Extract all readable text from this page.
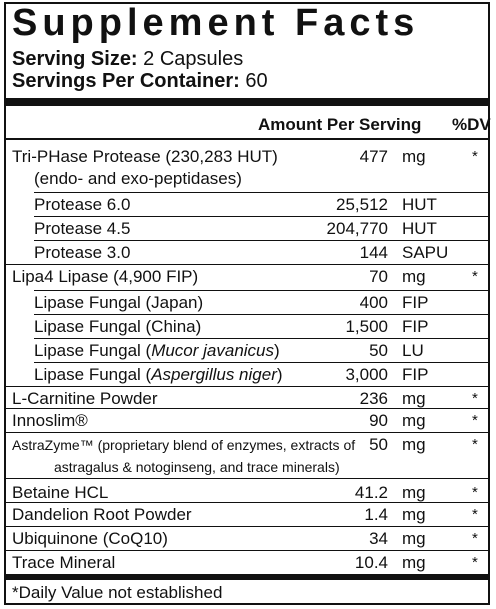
Supplement Facts
Serving Size: 2 Capsules
Servings Per Container: 60
Amount Per Serving %DV
Tri-PHase Protease (230,283 HUT)	477 mg	*
(endo- and exo-peptidases)
Protease 6.0	25,512 HUT
Protease 4.5	204,770 HUT
Protease 3.0	144 SAPU
Lipa4 Lipase (4,900 FIP)	70 mg	*
Lipase Fungal (Japan)	400 FIP
Lipase Fungal (China)	1,500 FIP
Lipase Fungal (Mucor javanicus)	50 LU
Lipase Fungal (Aspergillus niger)	3,000 FIP
L-Carnitine Powder	236 mg	*
Innoslim®	90 mg	*
AstraZyme™ (proprietary blend of enzymes, extracts of 50 mg	*
astragalus & notoginseng, and trace minerals)
Betaine HCL	41.2 mg	*
Dandelion Root Powder	1.4 mg	*
Ubiquinone (CoQ10)	34 mg	*
Trace Mineral	10.4 mg	*
*Daily Value not established
